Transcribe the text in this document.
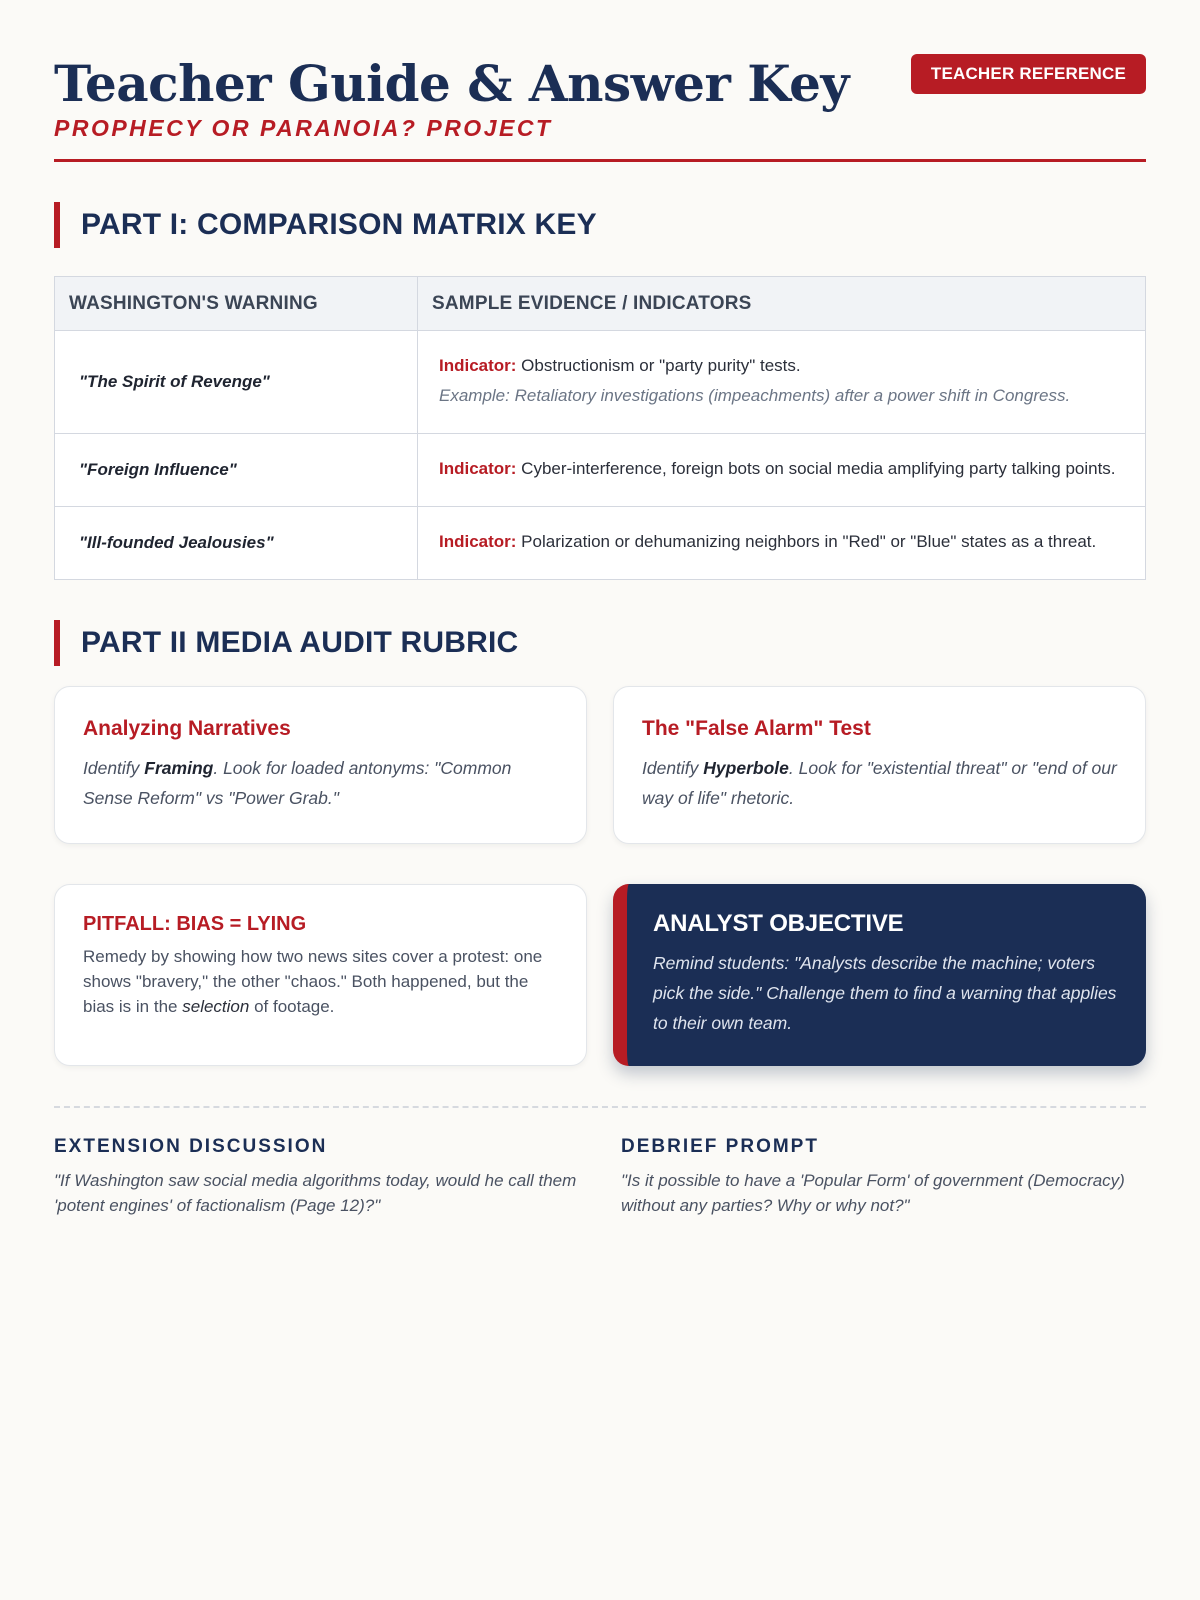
Teacher Guide & Answer Key

PROPHECY OR PARANOIA? PROJECT

TEACHER REFERENCE
PART I: COMPARISON MATRIX KEY
WASHINGTON'S WARNING	SAMPLE EVIDENCE / INDICATORS
"The Spirit of Revenge"	Indicator: Obstructionism or "party purity" tests.
Example: Retaliatory investigations (impeachments) after a power shift in Congress.

"Foreign Influence"	Indicator: Cyber-interference, foreign bots on social media amplifying party talking points.
"Ill-founded Jealousies"	Indicator: Polarization or dehumanizing neighbors in "Red" or "Blue" states as a threat.
PART II MEDIA AUDIT RUBRIC
Analyzing Narratives

Identify Framing. Look for loaded antonyms: "Common Sense Reform" vs "Power Grab."

The "False Alarm" Test

Identify Hyperbole. Look for "existential threat" or "end of our way of life" rhetoric.

PITFALL: BIAS = LYING

Remedy by showing how two news sites cover a protest: one shows "bravery," the other "chaos." Both happened, but the bias is in the selection of footage.

ANALYST OBJECTIVE

Remind students: "Analysts describe the machine; voters pick the side." Challenge them to find a warning that applies to their own team.

EXTENSION DISCUSSION

"If Washington saw social media algorithms today, would he call them 'potent engines' of factionalism (Page 12)?"

DEBRIEF PROMPT

"Is it possible to have a 'Popular Form' of government (Democracy) without any parties? Why or why not?"
